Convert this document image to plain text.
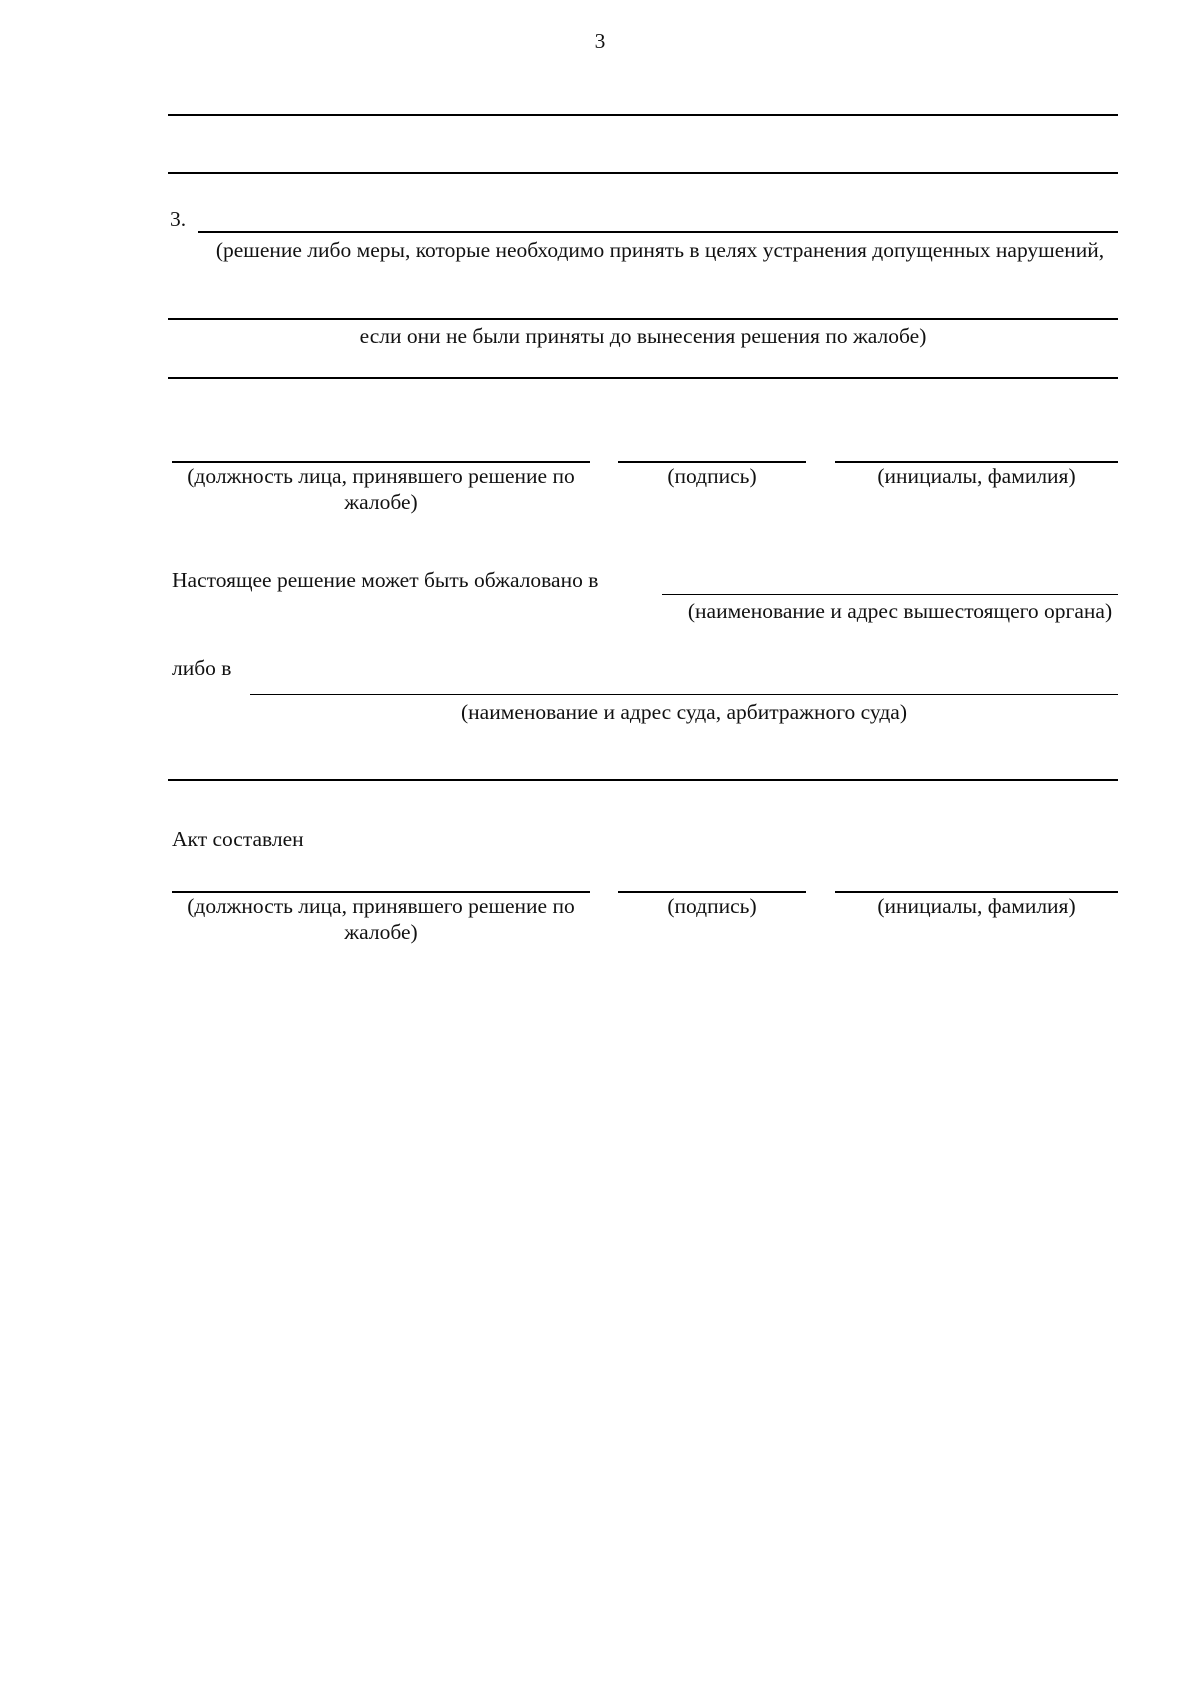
3
3.
(решение либо меры, которые необходимо принять в целях устранения допущенных нарушений,
если они не были приняты до вынесения решения по жалобе)
(должность лица, принявшего решение по жалобе)
(подпись)	(инициалы, фамилия)
Настоящее решение может быть обжаловано в
(наименование и адрес вышестоящего органа)
либо в
(наименование и адрес суда, арбитражного суда)
Акт составлен
(должность лица, принявшего решение по жалобе)
(подпись)	(инициалы, фамилия)
